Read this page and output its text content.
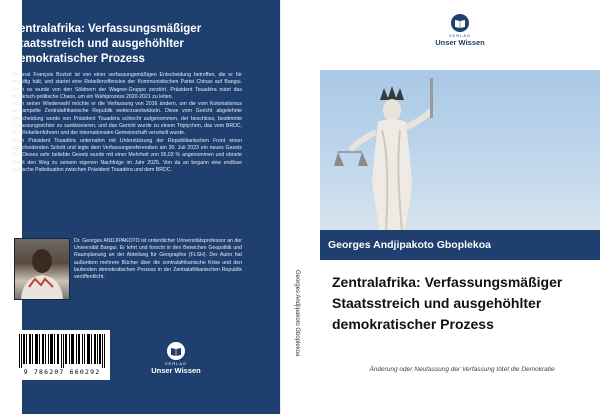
Zentralafrika: Verfassungsmäßiger Staatsstreich und ausgehöhlter demokratischer Prozess

General François Bozizé ist von einer verfassungsmäßigen Entscheidung betroffen, die er für ungültig hält, und startet eine Rebellenoffensive der Kommunistischen Partei Chinas auf Bangui. Doch es wurde von den Söldnern der Wagner-Gruppe zerstört. Präsident Touadéra nutzt das militärisch-politische Chaos, um ein Wahlprozess 2020-2021 zu leiten.

Nach seiner Wiederwahl möchte er die Verfassung von 2016 ändern, um die vom Kolonialismus zertrampelte Zentralafrikanische Republik weiterzuentwickeln. Diese vom Gericht abgelehnte Entscheidung wurde von Präsident Touadéra schlecht aufgenommen, der beschloss, bestimmte Verfassungsrichter zu sanktionieren, und das Gericht wurde zu einem Triptychon, das vom BRDC, den Rebellenführern und der internationalen Gemeinschaft verurteilt wurde.

Doch Präsident Touadéra unternahm mit Unterstützung der Republikanischen Front einen entscheidenden Schritt und legte dem Verfassungsreferendum am 30. Juli 2023 ein neues Gesetz vor. Dieses sehr beliebte Gesetz wurde mit einer Mehrheit von 95,03 % angenommen und ebnete damit den Weg zu seinem eigenen Nachfolge im Jahr 2025. Von da an begann eine endlose politische Pattsituation zwischen Präsident Touadéra und dem BRDC.

Dr. Georges ANDJIPAKOTO ist ordentlicher Universitätsprofessor an der Universität Bangui. Er lehrt und forscht in den Bereichen Geopolitik und Raumplanung an der Abteilung für Geographie (FLSH). Der Autor hat außerdem mehrere Bücher über die zentralafrikanische Krise und den laufenden demokratischen Prozess in der Zentralafrikanischen Republik veröffentlicht.
9 786207 660292
VERLAG
Unser Wissen
Georges Andjipakoto Gboplekoa
VERLAG
Unser Wissen
Georges Andjipakoto Gboplekoa
Zentralafrika: Verfassungsmäßiger Staatsstreich und ausgehöhlter demokratischer Prozess
Änderung oder Neufassung der Verfassung tötet die Demokratie
